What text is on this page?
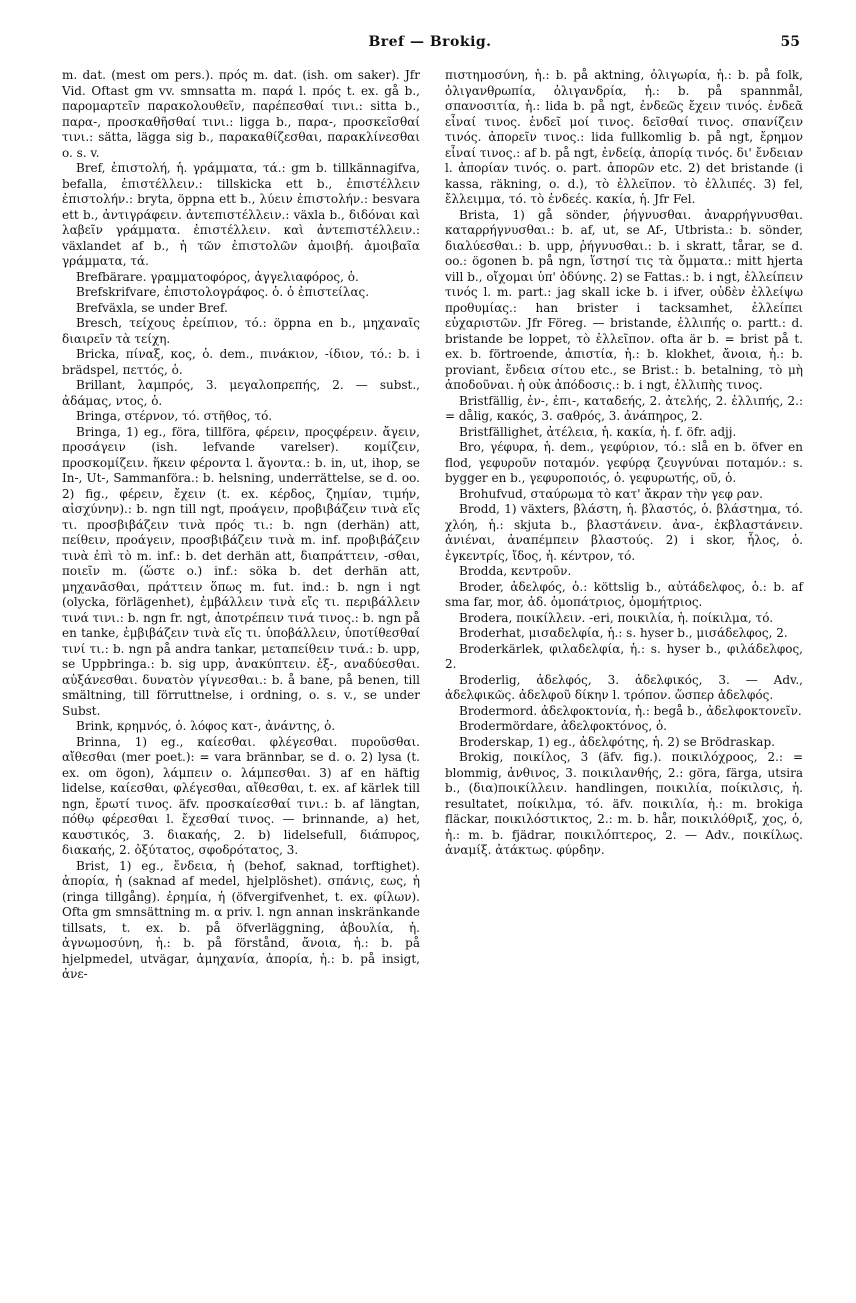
Bref — Brokig.	55

m. dat. (mest om pers.). πρός m. dat. (ish. om saker). Jfr Vid. Oftast gm vv. smnsatta m. παρά l. πρός t. ex. gå b., παρομαρτεῖν παρακολουθεῖν, παρέπεσθαί τινι.: sitta b., παρα-, προσκαθῆσθαί τινι.: ligga b., παρα-, προσκεῖσθαί τινι.: sätta, lägga sig b., παρακαθίζεσθαι, παρακλίνεσθαι o. s. v.

Bref, ἐπιστολή, ἡ. γράμματα, τά.: gm b. tillkännagifva, befalla, ἐπιστέλλειν.: tillskicka ett b., ἐπιστέλλειν ἐπιστολήν.: bryta, öppna ett b., λύειν ἐπιστολήν.: besvara ett b., ἀντιγράφειν. ἀντεπιστέλλειν.: växla b., διδόναι καὶ λαβεῖν γράμματα. ἐπιστέλλειν. καὶ ἀντεπιστέλλειν.: växlandet af b., ἡ τῶν ἐπιστολῶν ἀμοιβή. ἀμοιβαῖα γράμματα, τά.

Brefbärare. γραμματοφόρος, ἀγγελιαφόρος, ὁ.

Brefskrifvare, ἐπιστολογράφος. ὁ. ὁ ἐπιστείλας.

Brefväxla, se under Bref.

Bresch, τείχους ἐρείπιον, τό.: öppna en b., μηχαναῖς διαιρεῖν τὰ τείχη.

Bricka, πίναξ, κος, ὁ. dem., πινάκιον, -ίδιον, τό.: b. i brädspel, πεττός, ὁ.

Brillant, λαμπρός, 3. μεγαλοπρεπής, 2. — subst., ἀδάμας, ντος, ὁ.

Bringa, στέρνον, τό. στῆθος, τό.

Bringa, 1) eg., föra, tillföra, φέρειν, προςφέρειν. ἄγειν, προσάγειν (ish. lefvande varelser). κομίζειν, προσκομίζειν. ἥκειν φέροντα l. ἄγοντα.: b. in, ut, ihop, se In-, Ut-, Sammanföra.: b. helsning, underrättelse, se d. oo. 2) fig., φέρειν, ἔχειν (t. ex. κέρδος, ζημίαν, τιμήν, αἰσχύνην).: b. ngn till ngt, προάγειν, προβιβάζειν τινὰ εἴς τι. προσβιβάζειν τινὰ πρός τι.: b. ngn (derhän) att, πείθειν, προάγειν, προσβιβάζειν τινὰ m. inf. προβιβάζειν τινὰ ἐπὶ τὸ m. inf.: b. det derhän att, διαπράττειν, -σθαι, ποιεῖν m. (ὥστε o.) inf.: söka b. det derhän att, μηχανᾶσθαι, πράττειν ὅπως m. fut. ind.: b. ngn i ngt (olycka, förlägenhet), ἐμβάλλειν τινὰ εἴς τι. περιβάλλειν τινά τινι.: b. ngn fr. ngt, ἀποτρέπειν τινά τινος.: b. ngn på en tanke, ἐμβιβάζειν τινὰ εἴς τι. ὑποβάλλειν, ὑποτίθεσθαί τινί τι.: b. ngn på andra tankar, μεταπείθειν τινά.: b. upp, se Uppbringa.: b. sig upp, ἀνακύπτειν. ἐξ-, αναδύεσθαι. αὐξάνεσθαι. δυνατὸν γίγνεσθαι.: b. å bane, på benen, till smältning, till förruttnelse, i ordning, o. s. v., se under Subst.

Brink, κρημνός, ὁ. λόφος κατ-, ἀνάντης, ὁ.

Brinna, 1) eg., καίεσθαι. φλέγεσθαι. πυροῦσθαι. αἴθεσθαι (mer poet.): = vara brännbar, se d. o. 2) lysa (t. ex. om ögon), λάμπειν o. λάμπεσθαι. 3) af en häftig lidelse, καίεσθαι, φλέγεσθαι, αἴθεσθαι, t. ex. af kärlek till ngn, ἔρωτί τινος. äfv. προσκαίεσθαί τινι.: b. af längtan, πόθῳ φέρεσθαι l. ἔχεσθαί τινος. — brinnande, a) het, καυστικός, 3. διακαής, 2. b) lidelsefull, διάπυρος, διακαής, 2. ὀξύτατος, σφοδρότατος, 3.

Brist, 1) eg., ἔνδεια, ἡ (behof, saknad, torftighet). ἀπορία, ἡ (saknad af medel, hjelplöshet). σπάνις, εως, ἡ (ringa tillgång). ἐρημία, ἡ (öfvergifvenhet, t. ex. φίλων). Ofta gm smnsättning m. α priv. l. ngn annan inskränkande tillsats, t. ex. b. på öfverläggning, ἀβουλία, ἡ. ἀγνωμοσύνη, ἡ.: b. på förstånd, ἄνοια, ἡ.: b. på hjelpmedel, utvägar, ἀμηχανία, ἀπορία, ἡ.: b. på insigt, ἀνε-

πιστημοσύνη, ἡ.: b. på aktning, ὀλιγωρία, ἡ.: b. på folk, ὀλιγανθρωπία, ὀλιγανδρία, ἡ.: b. på spannmål, σπανοσιτία, ἡ.: lida b. på ngt, ἐνδεῶς ἔχειν τινός. ἐνδεᾶ εἶναί τινος. ἐνδεῖ μοί τινος. δεῖσθαί τινος. σπανίζειν τινός. ἀπορεῖν τινος.: lida fullkomlig b. på ngt, ἔρημον εἶναί τινος.: af b. på ngt, ἐνδείᾳ, ἀπορίᾳ τινός. δι' ἔνδειαν l. ἀπορίαν τινός. o. part. ἀπορῶν etc. 2) det bristande (i kassa, räkning, o. d.), τὸ ἐλλεῖπον. τὸ ἐλλιπές. 3) fel, ἔλλειμμα, τό. τὸ ἐνδεές. κακία, ἡ. Jfr Fel.

Brista, 1) gå sönder, ῥήγνυσθαι. ἀναρρήγνυσθαι. καταρρήγνυσθαι.: b. af, ut, se Af-, Utbrista.: b. sönder, διαλύεσθαι.: b. upp, ῥήγνυσθαι.: b. i skratt, tårar, se d. oo.: ögonen b. på ngn, ἵστησί τις τὰ ὄμματα.: mitt hjerta vill b., οἴχομαι ὑπ' ὀδύνης. 2) se Fattas.: b. i ngt, ἐλλείπειν τινός l. m. part.: jag skall icke b. i ifver, οὐδὲν ἐλλείψω προθυμίας.: han brister i tacksamhet, ἐλλείπει εὐχαριστῶν. Jfr Föreg. — bristande, ἐλλιπής o. partt.: d. bristande be loppet, τὸ ἐλλεῖπον. ofta är b. = brist på t. ex. b. förtroende, ἀπιστία, ἡ.: b. klokhet, ἄνοια, ἡ.: b. proviant, ἔνδεια σίτου etc., se Brist.: b. betalning, τὸ μὴ ἀποδοῦναι. ἡ οὐκ ἀπόδοσις.: b. i ngt, ἐλλιπὴς τινος.

Bristfällig, ἐν-, ἐπι-, καταδεής, 2. ἀτελής, 2. ἐλλιπής, 2.: = dålig, κακός, 3. σαθρός, 3. ἀνάπηρος, 2.

Bristfällighet, ἀτέλεια, ἡ. κακία, ἡ. f. öfr. adjj.

Bro, γέφυρα, ἡ. dem., γεφύριον, τό.: slå en b. öfver en flod, γεφυροῦν ποταμόν. γεφύρᾳ ζευγνύναι ποταμόν.: s. bygger en b., γεφυροποιός, ὁ. γεφυρωτής, οῦ, ὁ.

Brohufvud, σταύρωμα τὸ κατ' ἄκραν τὴν γεφ ραν.

Brodd, 1) växters, βλάστη, ἡ. βλαστός, ὁ. βλάστημα, τό. χλόη, ἡ.: skjuta b., βλαστάνειν. ἀνα-, ἐκβλαστάνειν. ἀνιέναι, ἀναπέμπειν βλαστούς. 2) i skor, ἧλος, ὁ. ἐγκεντρίς, ἴδος, ἡ. κέντρον, τό.

Brodda, κεντροῦν.

Broder, ἀδελφός, ὁ.: köttslig b., αὐτάδελφος, ὁ.: b. af sma far, mor, ἀδ. ὁμοπάτριος, ὁμομήτριος.

Brodera, ποικίλλειν. -eri, ποικιλία, ἡ. ποίκιλμα, τό.

Broderhat, μισαδελφία, ἡ.: s. hyser b., μισάδελφος, 2.

Broderkärlek, φιλαδελφία, ἡ.: s. hyser b., φιλάδελφος, 2.

Broderlig, ἀδελφός, 3. ἀδελφικός, 3. — Adv., ἀδελφικῶς. ἀδελφοῦ δίκην l. τρόπον. ὥσπερ ἀδελφός.

Brodermord. ἀδελφοκτονία, ἡ.: begå b., ἀδελφοκτονεῖν.

Brodermördare, ἀδελφοκτόνος, ὁ.

Broderskap, 1) eg., ἀδελφότης, ἡ. 2) se Brödraskap.

Brokig, ποικίλος, 3 (äfv. fig.). ποικιλόχροος, 2.: = blommig, ἀνθινος, 3. ποικιλανθής, 2.: göra, färga, utsira b., (δια)ποικίλλειν. handlingen, ποικιλία, ποίκιλσις, ἡ. resultatet, ποίκιλμα, τό. äfv. ποικιλία, ἡ.: m. brokiga fläckar, ποικιλόστικτος, 2.: m. b. hår, ποικιλόθριξ, χος, ὁ, ἡ.: m. b. fjädrar, ποικιλόπτερος, 2. — Adv., ποικίλως. ἀναμίξ. ἀτάκτως. φύρδην.
